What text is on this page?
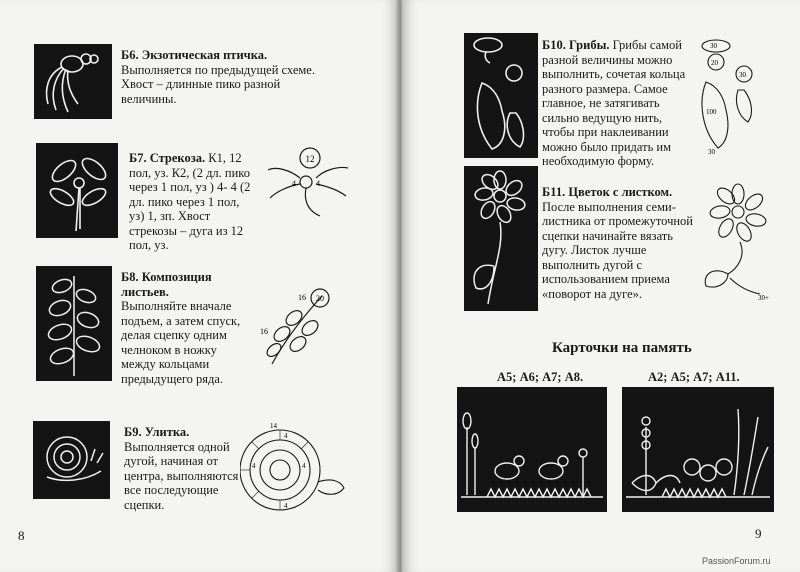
Б6. Экзотическая птичка.
Выполняется по предыдущей схеме.
Хвост – длинные пико разной
величины.
Б7. Стрекоза. К1, 12
пол, уз. К2, (2 дл. пико
через 1 пол, уз ) 4- 4 (2
дл. пико через 1 пол,
уз) 1, зп. Хвост
стрекозы – дуга из 12
пол, уз.
12
4	4
Б8. Композиция
листьев.
Выполняйте вначале
подъем, а затем спуск,
делая сцепку одним
челноком в ножку
между кольцами
предыдущего ряда.
16 20
16
Б9. Улитка.
Выполняется одной
дугой, начиная от
центра, выполняются
все последующие
сцепки.
14
4
4
4
4
8
Б10. Грибы. Грибы самой
разной величины можно
выполнить, сочетая кольца
разного размера. Самое
главное, не затягивать
сильно ведущую нить,
чтобы при наклеивании
можно было придать им
необходимую форму.
30
20
30
100
30
Б11. Цветок с листком.
После выполнения семи-
листника от промежуточной
сцепки начинайте вязать
дугу. Листок лучше
выполнить дугой с
использованием приема
«поворот на дуге».	30+
Карточки на память
А5; А6; А7; А8.	А2; А5; А7; А11.
9
PassionForum.ru
